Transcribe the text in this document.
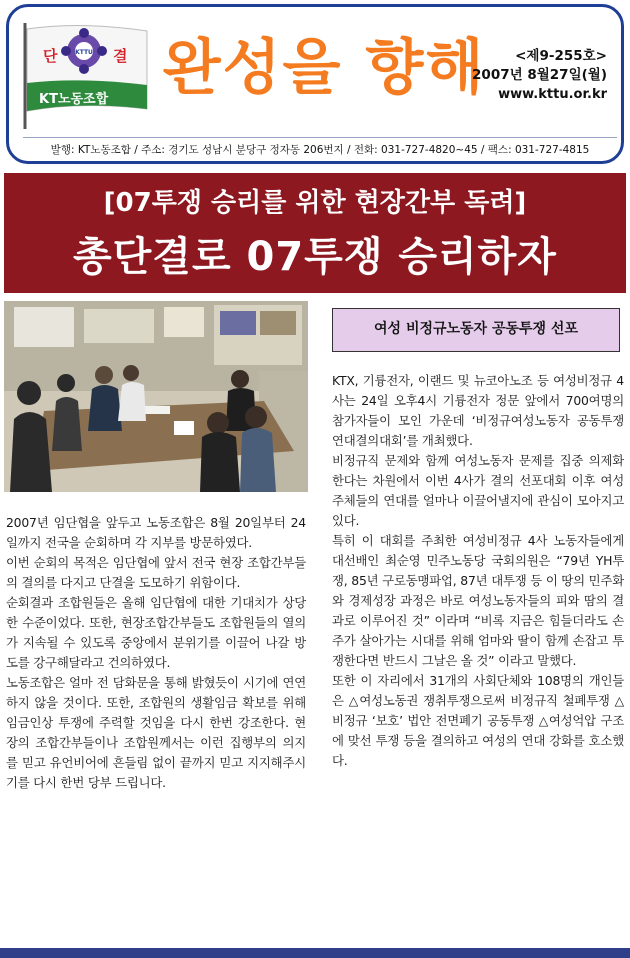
단	결
KTTU
KT노동조합 완성을 향해	<제9-255호>
2007년 8월27일(월)
www.kttu.or.kr
발행: KT노동조합 / 주소: 경기도 성남시 분당구 정자동 206번지 / 전화: 031-727-4820~45 / 팩스: 031-727-4815
[07투쟁 승리를 위한 현장간부 독려]
총단결로 07투쟁 승리하자

2007년 임단협을 앞두고 노동조합은 8월 20일부터 24일까지 전국을 순회하며 각 지부를 방문하였다.

이번 순회의 목적은 임단협에 앞서 전국 현장 조합간부들의 결의를 다지고 단결을 도모하기 위함이다.

순회결과 조합원들은 올해 임단협에 대한 기대치가 상당한 수준이었다. 또한, 현장조합간부들도 조합원들의 열의가 지속될 수 있도록 중앙에서 분위기를 이끌어 나갈 방도를 강구해달라고 건의하였다.

노동조합은 얼마 전 담화문을 통해 밝혔듯이 시기에 연연하지 않을 것이다. 또한, 조합원의 생활임금 확보를 위해 임금인상 투쟁에 주력할 것임을 다시 한번 강조한다. 현장의 조합간부들이나 조합원께서는 이런 집행부의 의지를 믿고 유언비어에 흔들림 없이 끝까지 믿고 지지해주시기를 다시 한번 당부 드립니다.

여성 비정규노동자 공동투쟁 선포

KTX, 기륭전자, 이랜드 및 뉴코아노조 등 여성비정규 4사는 24일 오후4시 기륭전자 정문 앞에서 700여명의 참가자들이 모인 가운데 ‘비정규여성노동자 공동투쟁 연대결의대회’를 개최했다.

비정규직 문제와 함께 여성노동자 문제를 집중 의제화 한다는 차원에서 이번 4사가 결의 선포대회 이후 여성 주체들의 연대를 얼마나 이끌어낼지에 관심이 모아지고 있다.

특히 이 대회를 주최한 여성비정규 4사 노동자들에게 대선배인 최순영 민주노동당 국회의원은 “79년 YH투쟁, 85년 구로동맹파업, 87년 대투쟁 등 이 땅의 민주화와 경제성장 과정은 바로 여성노동자들의 피와 땀의 결과로 이루어진 것” 이라며 “비록 지금은 힘들더라도 손주가 살아가는 시대를 위해 엄마와 딸이 함께 손잡고 투쟁한다면 반드시 그날은 올 것” 이라고 말했다.

또한 이 자리에서 31개의 사회단체와 108명의 개인들은 △여성노동권 쟁취투쟁으로써 비정규직 철폐투쟁 △비정규 ‘보호’ 법안 전면폐기 공동투쟁 △여성억압 구조에 맞선 투쟁 등을 결의하고 여성의 연대 강화를 호소했다.
